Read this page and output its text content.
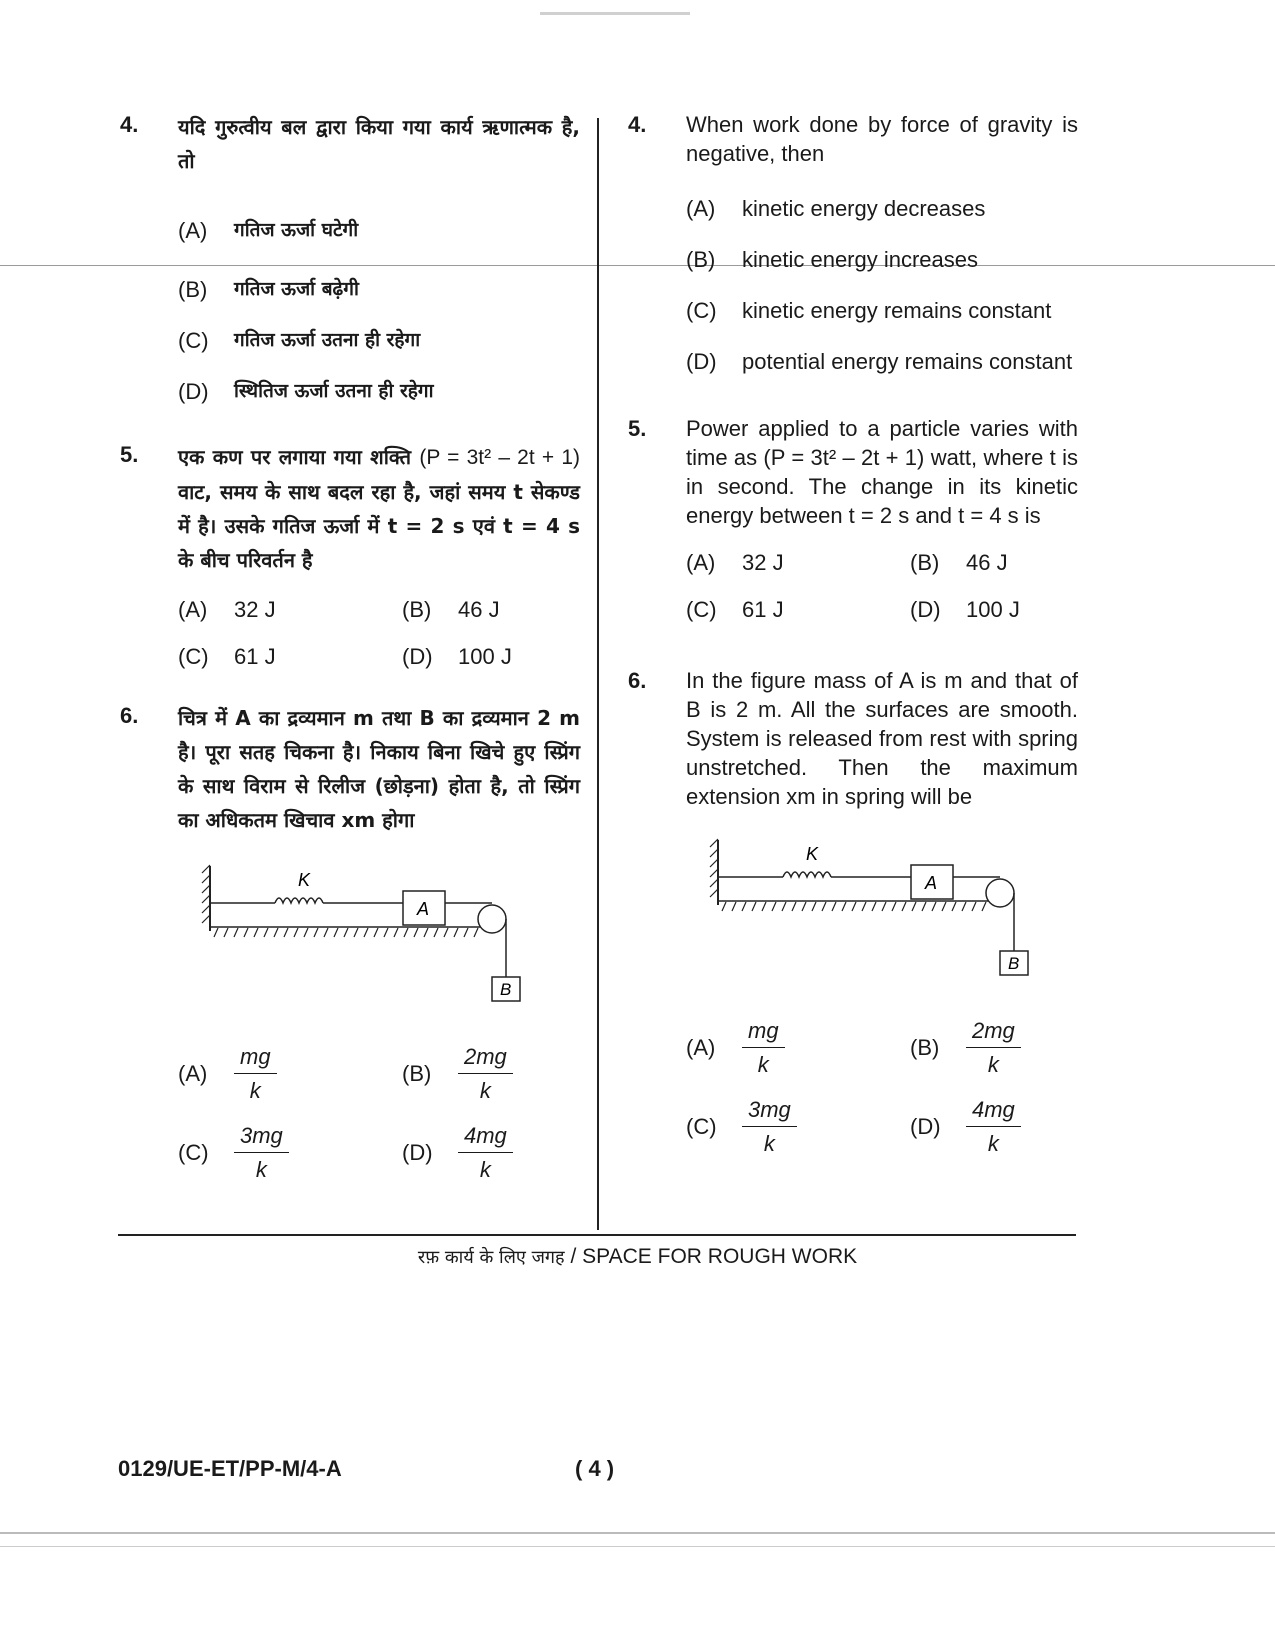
4. यदि गुरुत्वीय बल द्वारा किया गया कार्य ऋणात्मक है, तो
(A)	गतिज ऊर्जा घटेगी
(B)	गतिज ऊर्जा बढ़ेगी
(C)	गतिज ऊर्जा उतना ही रहेगा
(D)	स्थितिज ऊर्जा उतना ही रहेगा
5. एक कण पर लगाया गया शक्ति (P = 3t² – 2t + 1) वाट, समय के साथ बदल रहा है, जहां समय t सेकण्ड में है। उसके गतिज ऊर्जा में t = 2 s एवं t = 4 s के बीच परिवर्तन है
(A)	32 J	(B)	46 J
(C)	61 J	(D)	100 J
6. चित्र में A का द्रव्यमान m तथा B का द्रव्यमान 2 m है। पूरा सतह चिकना है। निकाय बिना खिचे हुए स्प्रिंग के साथ विराम से रिलीज (छोड़ना) होता है, तो स्प्रिंग का अधिकतम खिचाव xm होगा
K
A
B
(A)	$\frac{mg}{k}$	(B)	$\frac{2mg}{k}$
(C)	$\frac{3mg}{k}$	(D)	$\frac{4mg}{k}$
4. When work done by force of gravity is negative, then
(A)	kinetic energy decreases
(B)	kinetic energy increases
(C)	kinetic energy remains constant
(D)	potential energy remains constant
5. Power applied to a particle varies with time as (P = 3t² – 2t + 1) watt, where t is in second. The change in its kinetic energy between t = 2 s and t = 4 s is
(A)	32 J	(B)	46 J
(C)	61 J	(D)	100 J
6. In the figure mass of A is m and that of B is 2 m. All the surfaces are smooth. System is released from rest with spring unstretched. Then the maximum extension xm in spring will be
K
A
B
(A)	$\frac{mg}{k}$	(B)	$\frac{2mg}{k}$
(C)	$\frac{3mg}{k}$	(D)	$\frac{4mg}{k}$
रफ़ कार्य के लिए जगह / SPACE FOR ROUGH WORK
0129/UE-ET/PP-M/4-A	( 4 )
